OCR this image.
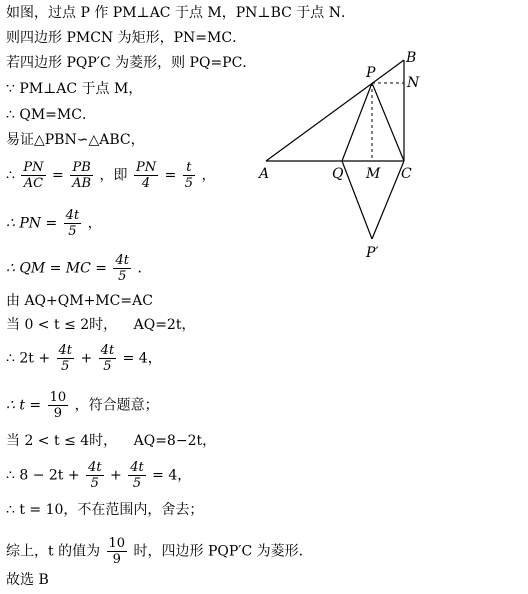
如图，过点 P 作 PM⊥AC 于点 M，PN⊥BC 于点 N．
则四边形 PMCN 为矩形，PN=MC．
若四边形 PQP′C 为菱形，则 PQ=PC．
∵ PM⊥AC 于点 M，
∴ QM=MC．
易证△PBN∽△ABC，
∴ $\frac{PN}{AC} = \frac{PB}{AB}$ ，即 $\frac{PN}{4} = \frac{t}{5}$ ，
∴ PN = $\frac{4t}{5}$ ，
∴ QM = MC = $\frac{4t}{5}$ ．
由 AQ+QM+MC=AC
当 0 < t ≤ 2时， AQ=2t，
∴ $2t + \frac{4t}{5} + \frac{4t}{5} = 4$，
∴ $t = \frac{10}{9}$ ，符合题意；
当 2 < t ≤ 4时， AQ=8−2t，
∴ $8 - 2t + \frac{4t}{5} + \frac{4t}{5} = 4$，
∴ t = 10，不在范围内，舍去；
综上，t 的值为 $\frac{10}{9}$ 时，四边形 PQP′C 为菱形.
故选 B
A	Q M C
B
N
P
P′
